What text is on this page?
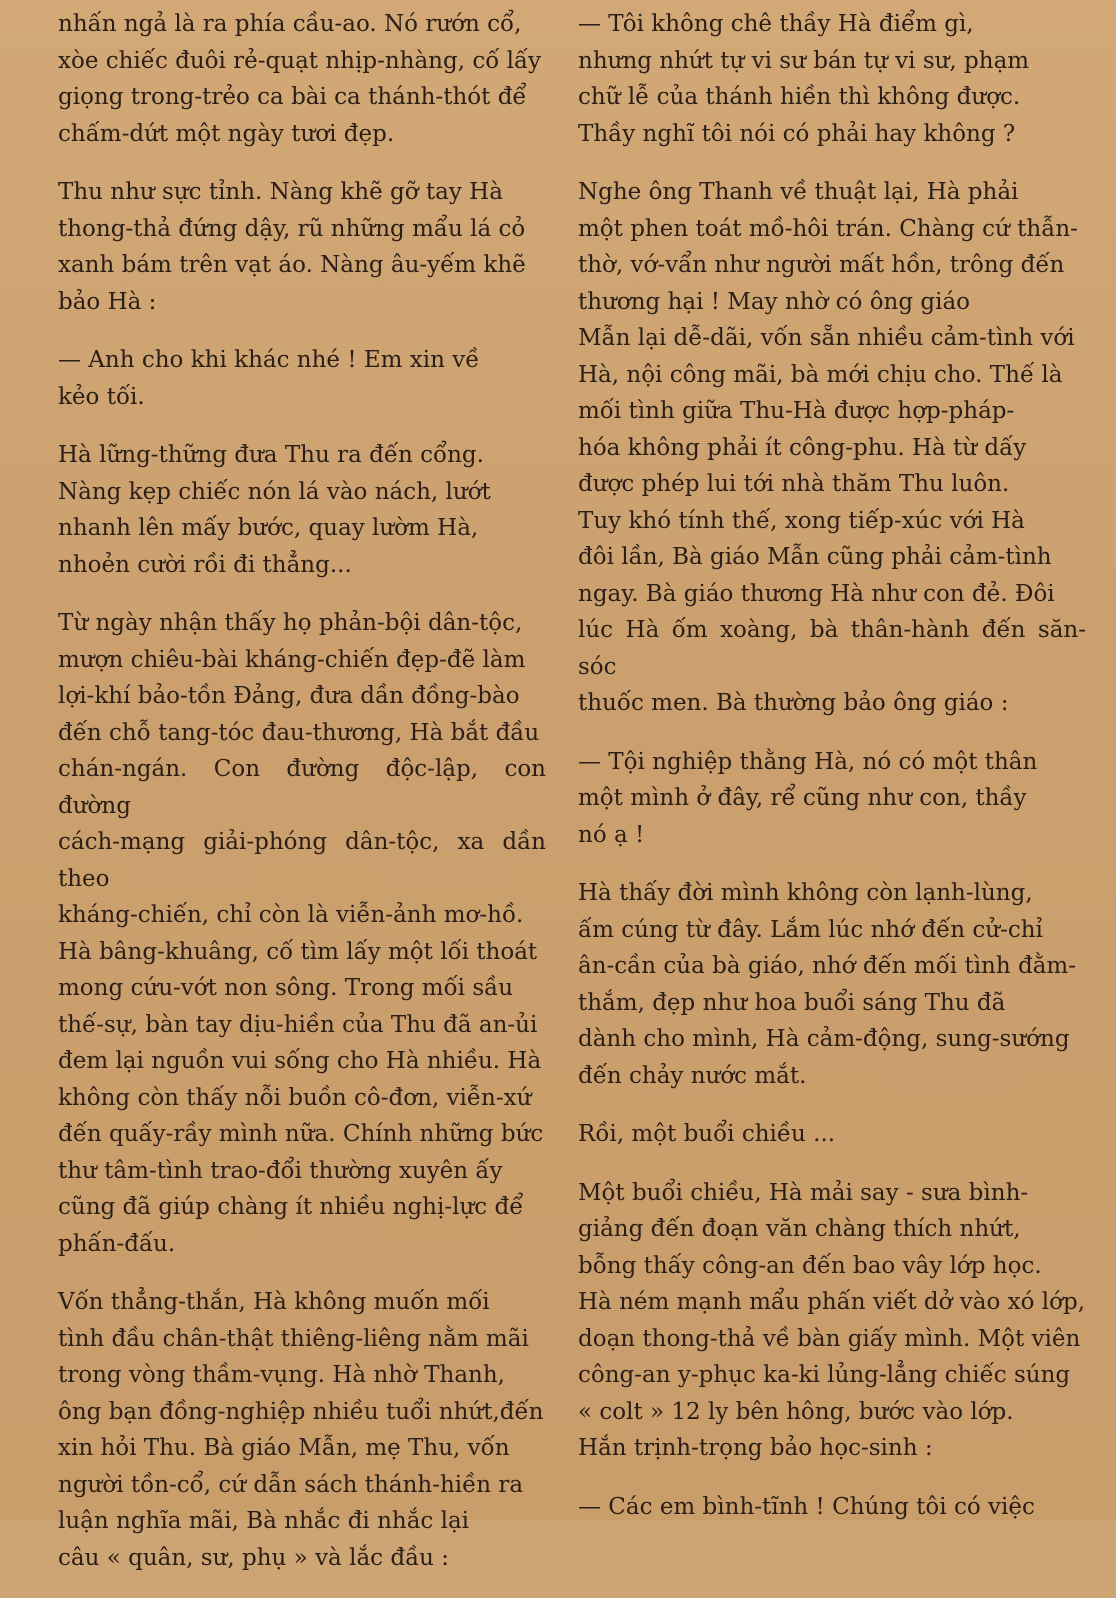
nhấn ngả là ra phía cầu-ao. Nó rướn cổ,
xòe chiếc đuôi rẻ-quạt nhịp-nhàng, cố lấy
giọng trong-trẻo ca bài ca thánh-thót để
chấm-dứt một ngày tươi đẹp.

Thu như sực tỉnh. Nàng khẽ gỡ tay Hà
thong-thả đứng dậy, rũ những mẩu lá cỏ
xanh bám trên vạt áo. Nàng âu-yếm khẽ
bảo Hà :

— Anh cho khi khác nhé ! Em xin về
kẻo tối.

Hà lững-thững đưa Thu ra đến cổng.
Nàng kẹp chiếc nón lá vào nách, lướt
nhanh lên mấy bước, quay lườm Hà,
nhoẻn cười rồi đi thẳng...

Từ ngày nhận thấy họ phản-bội dân-tộc,
mượn chiêu-bài kháng-chiến đẹp-đẽ làm
lợi-khí bảo-tồn Đảng, đưa dần đồng-bào
đến chỗ tang-tóc đau-thương, Hà bắt đầu
chán-ngán. Con đường độc-lập, con đường
cách-mạng giải-phóng dân-tộc, xa dần theo
kháng-chiến, chỉ còn là viễn-ảnh mơ-hồ.
Hà bâng-khuâng, cố tìm lấy một lối thoát
mong cứu-vớt non sông. Trong mối sầu
thế-sự, bàn tay dịu-hiền của Thu đã an-ủi
đem lại nguồn vui sống cho Hà nhiều. Hà
không còn thấy nỗi buồn cô-đơn, viễn-xứ
đến quấy-rầy mình nữa. Chính những bức
thư tâm-tình trao-đổi thường xuyên ấy
cũng đã giúp chàng ít nhiều nghị-lực để
phấn-đấu.

Vốn thẳng-thắn, Hà không muốn mối
tình đầu chân-thật thiêng-liêng nằm mãi
trong vòng thầm-vụng. Hà nhờ Thanh,
ông bạn đồng-nghiệp nhiều tuổi nhứt,đến
xin hỏi Thu. Bà giáo Mẫn, mẹ Thu, vốn
người tồn-cổ, cứ dẫn sách thánh-hiền ra
luận nghĩa mãi, Bà nhắc đi nhắc lại
câu « quân, sư, phụ » và lắc đầu :

— Tôi không chê thầy Hà điểm gì,
nhưng nhứt tự vi sư bán tự vi sư, phạm
chữ lễ của thánh hiền thì không được.
Thầy nghĩ tôi nói có phải hay không ?

Nghe ông Thanh về thuật lại, Hà phải
một phen toát mồ-hôi trán. Chàng cứ thẫn-
thờ, vớ-vẩn như người mất hồn, trông đến
thương hại ! May nhờ có ông giáo
Mẫn lại dễ-dãi, vốn sẵn nhiều cảm-tình với
Hà, nội công mãi, bà mới chịu cho. Thế là
mối tình giữa Thu-Hà được hợp-pháp-
hóa không phải ít công-phu. Hà từ dấy
được phép lui tới nhà thăm Thu luôn.
Tuy khó tính thế, xong tiếp-xúc với Hà
đôi lần, Bà giáo Mẫn cũng phải cảm-tình
ngay. Bà giáo thương Hà như con đẻ. Đôi
lúc Hà ốm xoàng, bà thân-hành đến săn-sóc
thuốc men. Bà thường bảo ông giáo :

— Tội nghiệp thằng Hà, nó có một thân
một mình ở đây, rể cũng như con, thầy
nó ạ !

Hà thấy đời mình không còn lạnh-lùng,
ấm cúng từ đây. Lắm lúc nhớ đến cử-chỉ
ân-cần của bà giáo, nhớ đến mối tình đằm-
thắm, đẹp như hoa buổi sáng Thu đã
dành cho mình, Hà cảm-động, sung-sướng
đến chảy nước mắt.

Rồi, một buổi chiều ...

Một buổi chiều, Hà mải say - sưa bình-
giảng đến đoạn văn chàng thích nhứt,
bỗng thấy công-an đến bao vây lớp học.
Hà ném mạnh mẩu phấn viết dở vào xó lớp,
doạn thong-thả về bàn giấy mình. Một viên
công-an y-phục ka-ki lủng-lẳng chiếc súng
« colt » 12 ly bên hông, bước vào lớp.
Hắn trịnh-trọng bảo học-sinh :

— Các em bình-tĩnh ! Chúng tôi có việc
